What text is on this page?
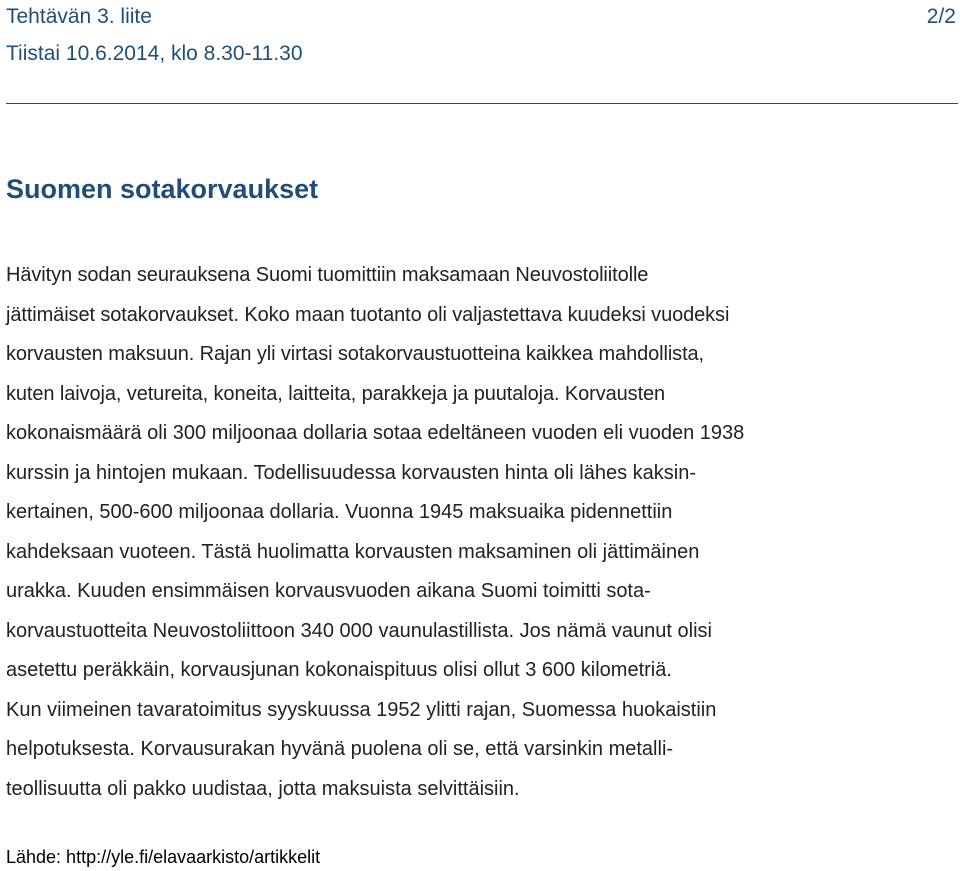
Tehtävän 3. liite	2/2
Tiistai 10.6.2014, klo 8.30-11.30
Suomen sotakorvaukset
Hävityn sodan seurauksena Suomi tuomittiin maksamaan Neuvostoliitolle
jättimäiset sotakorvaukset. Koko maan tuotanto oli valjastettava kuudeksi vuodeksi
korvausten maksuun. Rajan yli virtasi sotakorvaustuotteina kaikkea mahdollista,
kuten laivoja, vetureita, koneita, laitteita, parakkeja ja puutaloja. Korvausten
kokonaismäärä oli 300 miljoonaa dollaria sotaa edeltäneen vuoden eli vuoden 1938
kurssin ja hintojen mukaan. Todellisuudessa korvausten hinta oli lähes kaksin-
kertainen, 500-600 miljoonaa dollaria. Vuonna 1945 maksuaika pidennettiin
kahdeksaan vuoteen. Tästä huolimatta korvausten maksaminen oli jättimäinen
urakka. Kuuden ensimmäisen korvausvuoden aikana Suomi toimitti sota-
korvaustuotteita Neuvostoliittoon 340 000 vaunulastillista. Jos nämä vaunut olisi
asetettu peräkkäin, korvausjunan kokonaispituus olisi ollut 3 600 kilometriä.
Kun viimeinen tavaratoimitus syyskuussa 1952 ylitti rajan, Suomessa huokaistiin
helpotuksesta. Korvausurakan hyvänä puolena oli se, että varsinkin metalli-
teollisuutta oli pakko uudistaa, jotta maksuista selvittäisiin.
Lähde: http://yle.fi/elavaarkisto/artikkelit
